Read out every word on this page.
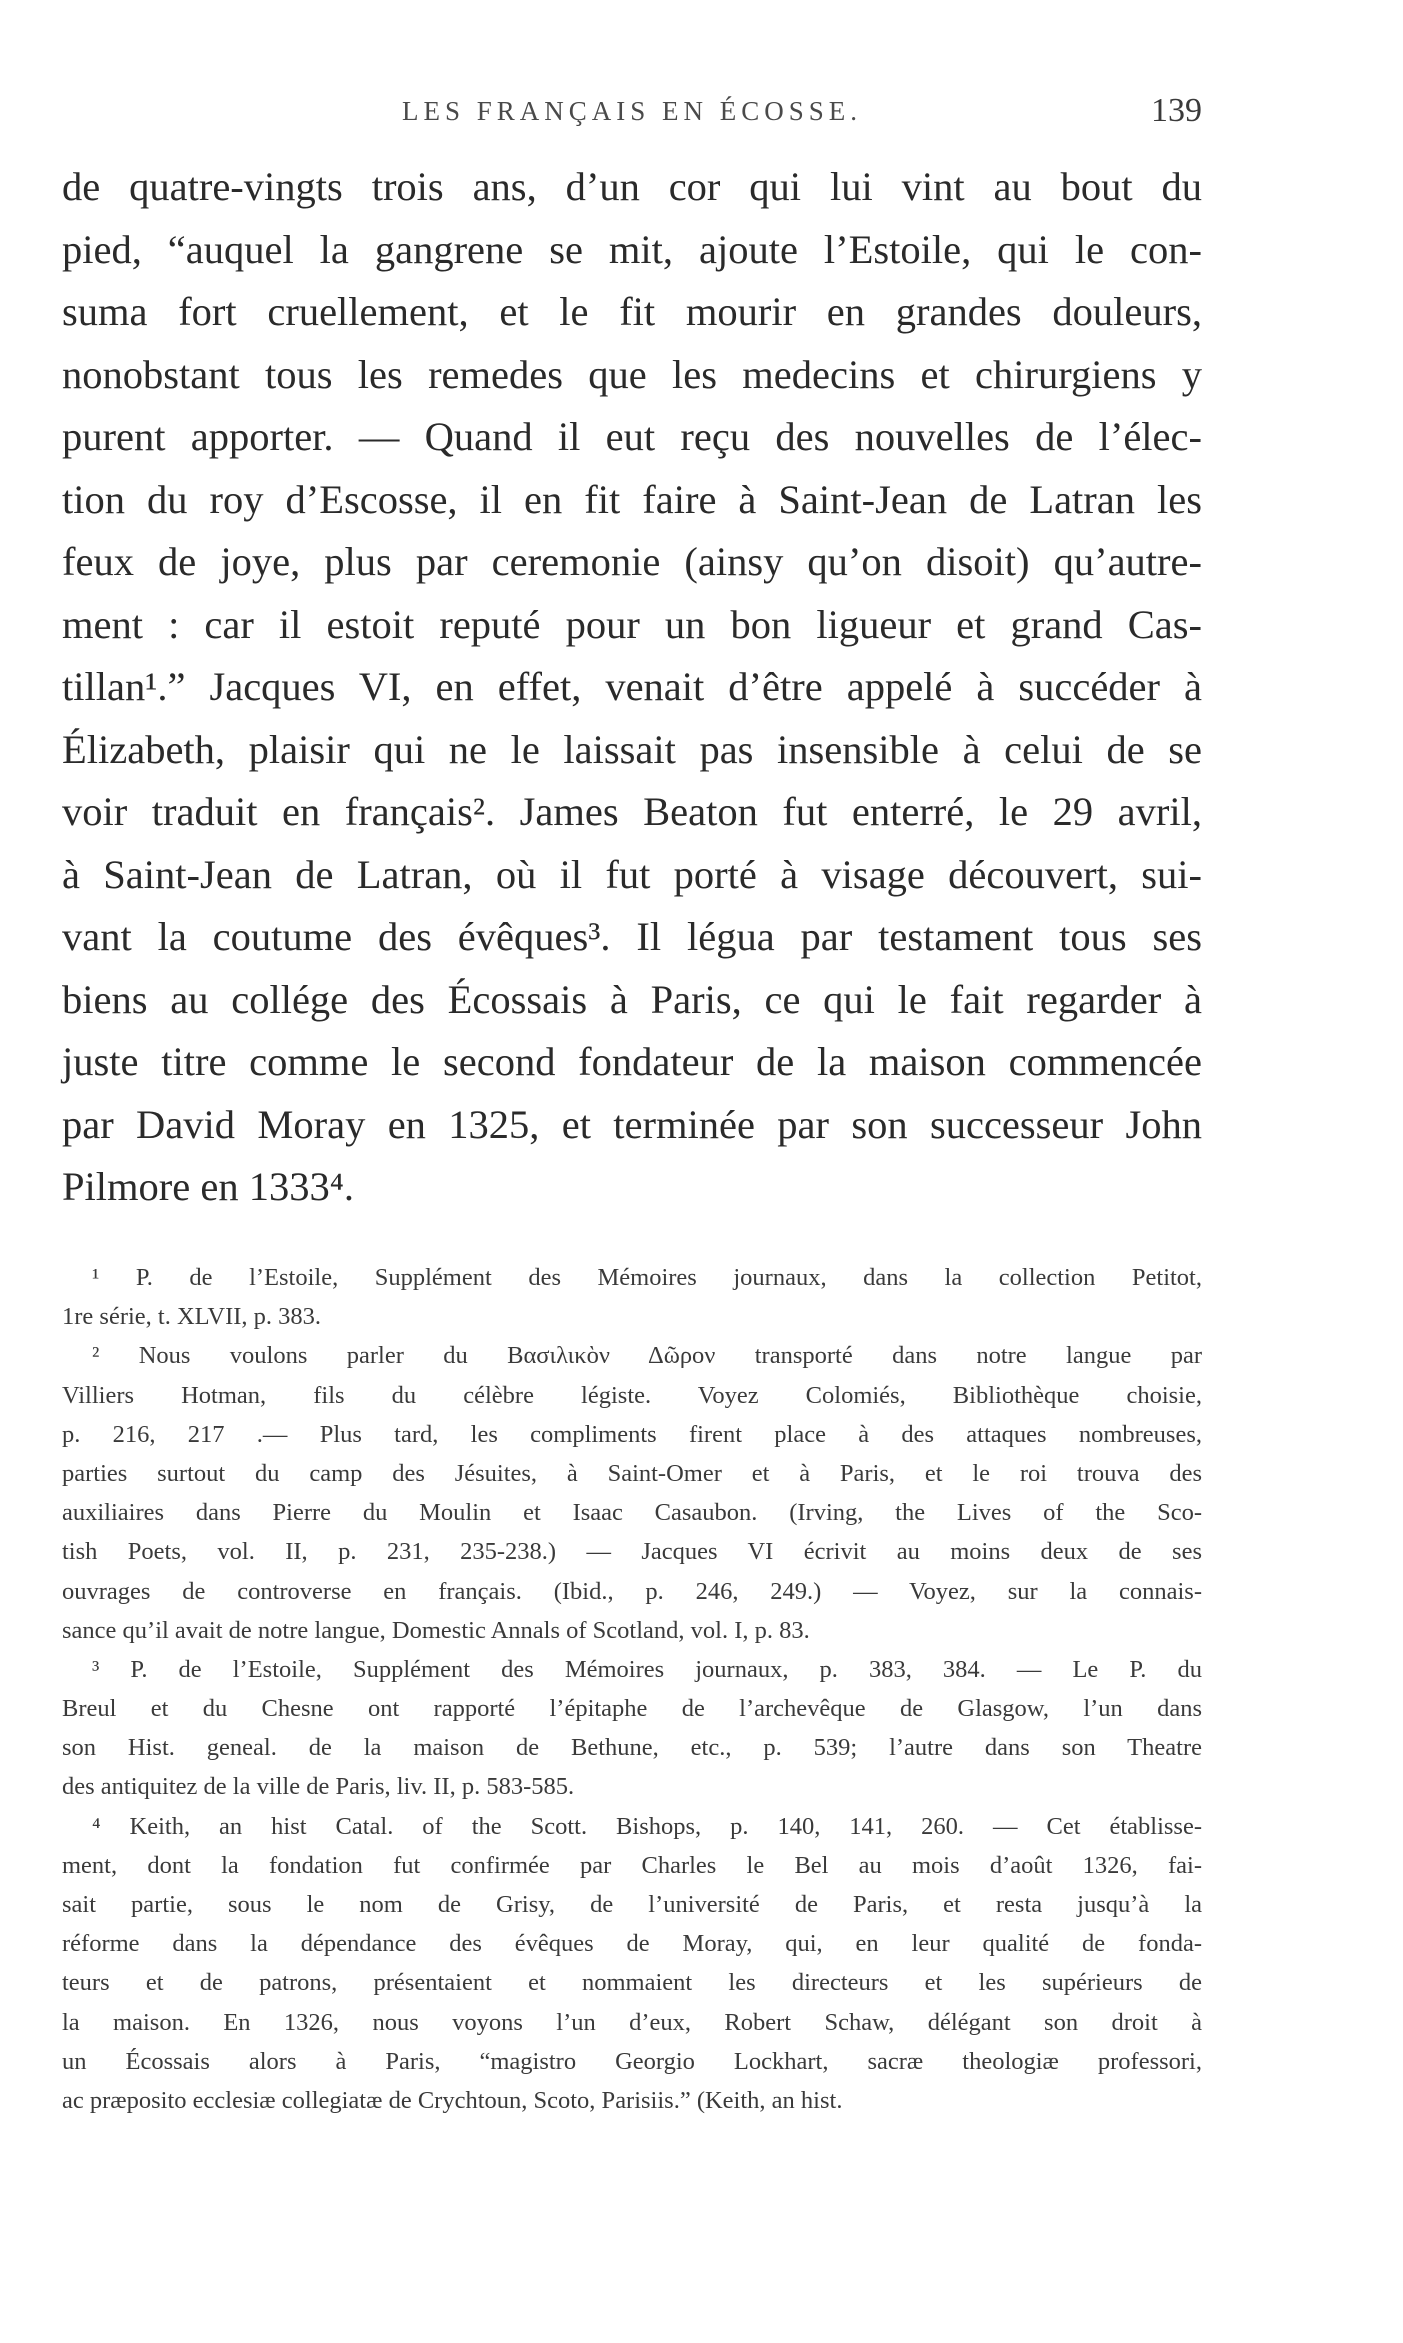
LES FRANÇAIS EN ÉCOSSE.	139
de quatre-vingts trois ans, d’un cor qui lui vint au bout du
pied, “auquel la gangrene se mit, ajoute l’Estoile, qui le con-
suma fort cruellement, et le fit mourir en grandes douleurs,
nonobstant tous les remedes que les medecins et chirurgiens y
purent apporter. — Quand il eut reçu des nouvelles de l’élec-
tion du roy d’Escosse, il en fit faire à Saint-Jean de Latran les
feux de joye, plus par ceremonie (ainsy qu’on disoit) qu’autre-
ment : car il estoit reputé pour un bon ligueur et grand Cas-
tillan¹.” Jacques VI, en effet, venait d’être appelé à succéder à
Élizabeth, plaisir qui ne le laissait pas insensible à celui de se
voir traduit en français². James Beaton fut enterré, le 29 avril,
à Saint-Jean de Latran, où il fut porté à visage découvert, sui-
vant la coutume des évêques³. Il légua par testament tous ses
biens au collége des Écossais à Paris, ce qui le fait regarder à
juste titre comme le second fondateur de la maison commencée
par David Moray en 1325, et terminée par son successeur John
Pilmore en 1333⁴.
¹ P. de l’Estoile, Supplément des Mémoires journaux, dans la collection Petitot,
1re série, t. XLVII, p. 383.
² Nous voulons parler du Βασιλικὸν Δῶρον transporté dans notre langue par
Villiers Hotman, fils du célèbre légiste. Voyez Colomiés, Bibliothèque choisie,
p. 216, 217 .— Plus tard, les compliments firent place à des attaques nombreuses,
parties surtout du camp des Jésuites, à Saint-Omer et à Paris, et le roi trouva des
auxiliaires dans Pierre du Moulin et Isaac Casaubon. (Irving, the Lives of the Sco-
tish Poets, vol. II, p. 231, 235-238.) — Jacques VI écrivit au moins deux de ses
ouvrages de controverse en français. (Ibid., p. 246, 249.) — Voyez, sur la connais-
sance qu’il avait de notre langue, Domestic Annals of Scotland, vol. I, p. 83.
³ P. de l’Estoile, Supplément des Mémoires journaux, p. 383, 384. — Le P. du
Breul et du Chesne ont rapporté l’épitaphe de l’archevêque de Glasgow, l’un dans
son Hist. geneal. de la maison de Bethune, etc., p. 539; l’autre dans son Theatre
des antiquitez de la ville de Paris, liv. II, p. 583-585.
⁴ Keith, an hist Catal. of the Scott. Bishops, p. 140, 141, 260. — Cet établisse-
ment, dont la fondation fut confirmée par Charles le Bel au mois d’août 1326, fai-
sait partie, sous le nom de Grisy, de l’université de Paris, et resta jusqu’à la
réforme dans la dépendance des évêques de Moray, qui, en leur qualité de fonda-
teurs et de patrons, présentaient et nommaient les directeurs et les supérieurs de
la maison. En 1326, nous voyons l’un d’eux, Robert Schaw, délégant son droit à
un Écossais alors à Paris, “magistro Georgio Lockhart, sacræ theologiæ professori,
ac præposito ecclesiæ collegiatæ de Crychtoun, Scoto, Parisiis.” (Keith, an hist.
